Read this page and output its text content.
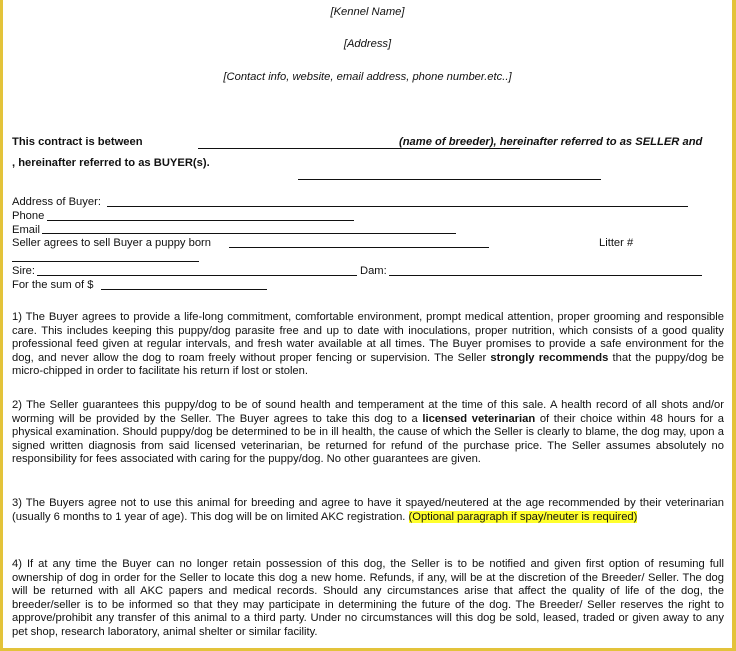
[Kennel Name]
[Address]
[Contact info, website, email address, phone number.etc..]
This contract is between	(name of breeder), hereinafter referred to as SELLER and
, hereinafter referred to as BUYER(s).
Address of Buyer:
Phone
Email
Seller agrees to sell Buyer a puppy born	Litter #
Sire:	Dam:
For the sum of $
1) The Buyer agrees to provide a life-long commitment, comfortable environment, prompt medical attention, proper grooming and responsible care. This includes keeping this puppy/dog parasite free and up to date with inoculations, proper nutrition, which consists of a good quality professional feed given at regular intervals, and fresh water available at all times. The Buyer promises to provide a safe environment for the dog, and never allow the dog to roam freely without proper fencing or supervision. The Seller strongly recommends that the puppy/dog be micro-chipped in order to facilitate his return if lost or stolen.
2) The Seller guarantees this puppy/dog to be of sound health and temperament at the time of this sale. A health record of all shots and/or worming will be provided by the Seller. The Buyer agrees to take this dog to a licensed veterinarian of their choice within 48 hours for a physical examination. Should puppy/dog be determined to be in ill health, the cause of which the Seller is clearly to blame, the dog may, upon a signed written diagnosis from said licensed veterinarian, be returned for refund of the purchase price. The Seller assumes absolutely no responsibility for fees associated with caring for the puppy/dog. No other guarantees are given.
3) The Buyers agree not to use this animal for breeding and agree to have it spayed/neutered at the age recommended by their veterinarian (usually 6 months to 1 year of age). This dog will be on limited AKC registration. (Optional paragraph if spay/neuter is required)
4) If at any time the Buyer can no longer retain possession of this dog, the Seller is to be notified and given first option of resuming full ownership of dog in order for the Seller to locate this dog a new home. Refunds, if any, will be at the discretion of the Breeder/ Seller. The dog will be returned with all AKC papers and medical records. Should any circumstances arise that affect the quality of life of the dog, the breeder/seller is to be informed so that they may participate in determining the future of the dog. The Breeder/ Seller reserves the right to approve/prohibit any transfer of this animal to a third party. Under no circumstances will this dog be sold, leased, traded or given away to any pet shop, research laboratory, animal shelter or similar facility.
